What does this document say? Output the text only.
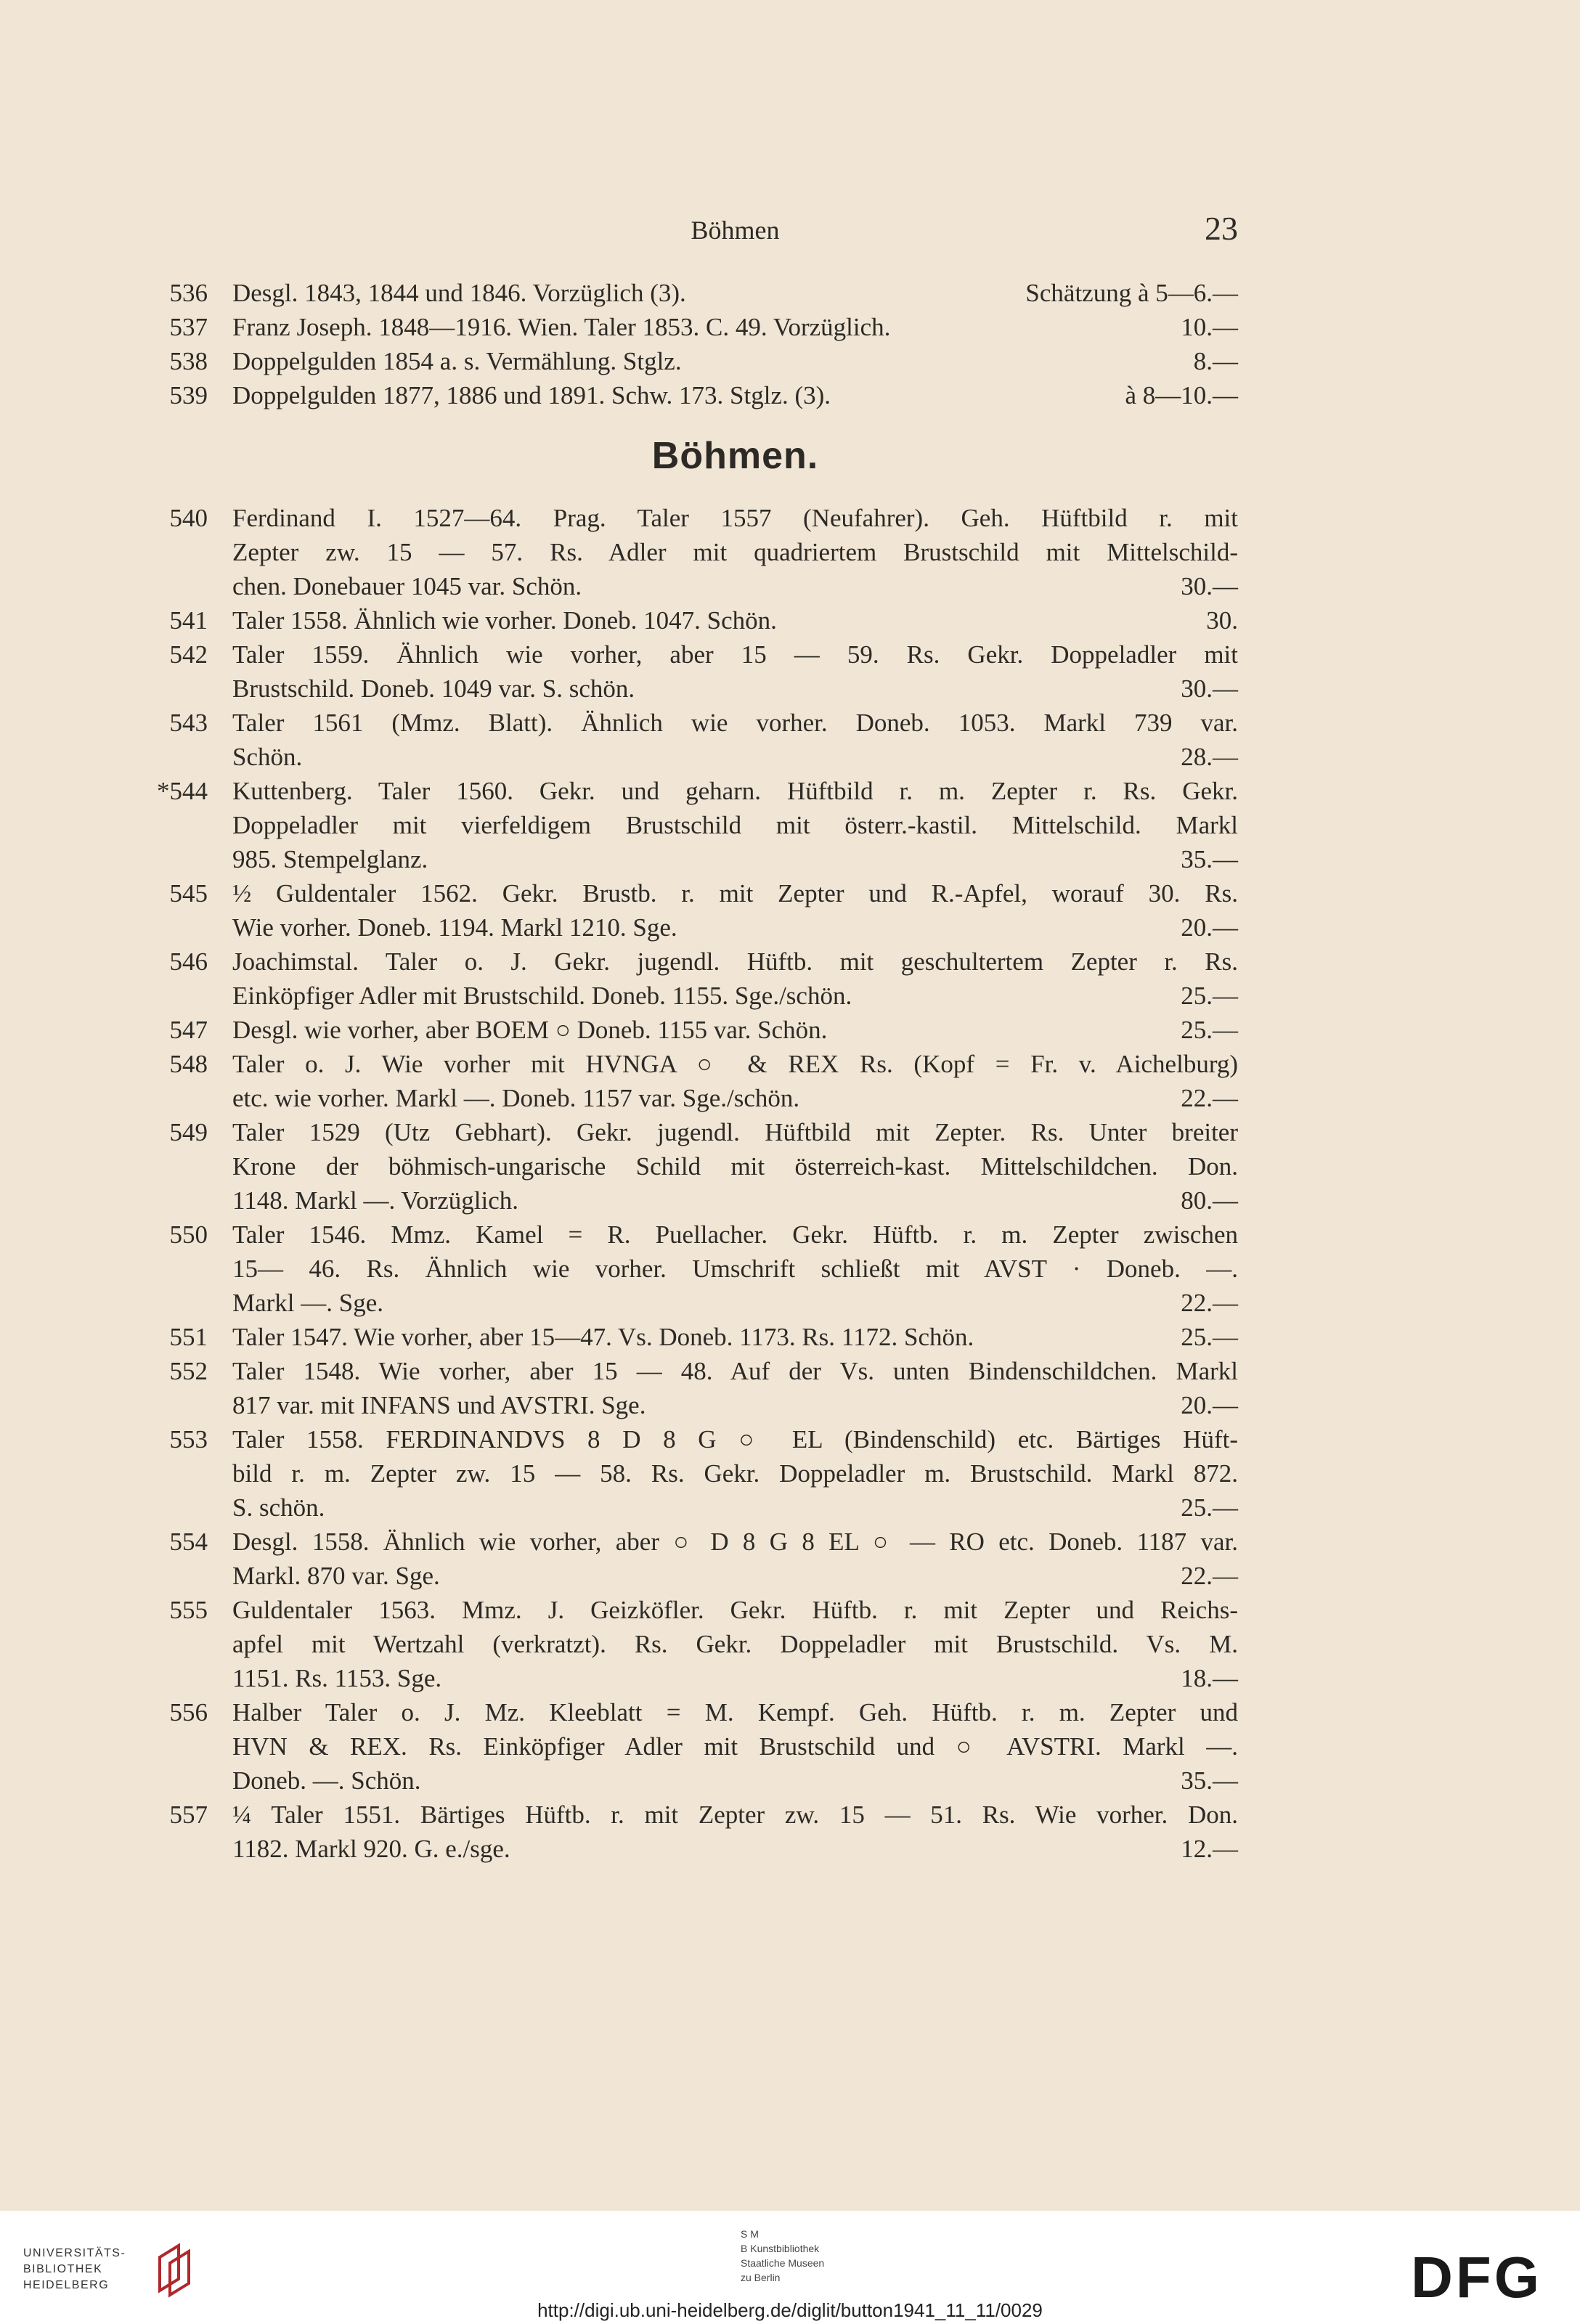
Böhmen	23
Böhmen.
536 Desgl. 1843, 1844 und 1846. Vorzüglich (3).	Schätzung à 5—6.—
537 Franz Joseph. 1848—1916. Wien. Taler 1853. C. 49. Vorzüglich.	10.—
538 Doppelgulden 1854 a. s. Vermählung. Stglz.	8.—
539 Doppelgulden 1877, 1886 und 1891. Schw. 173. Stglz. (3).	à 8—10.—
540 Ferdinand I. 1527—64. Prag. Taler 1557 (Neufahrer). Geh. Hüftbild r. mit
Zepter zw. 15 — 57. Rs. Adler mit quadriertem Brustschild mit Mittelschild-
chen. Donebauer 1045 var. Schön.	30.—
541 Taler 1558. Ähnlich wie vorher. Doneb. 1047. Schön.	30.
542 Taler 1559. Ähnlich wie vorher, aber 15 — 59. Rs. Gekr. Doppeladler mit
Brustschild. Doneb. 1049 var. S. schön.	30.—
543 Taler 1561 (Mmz. Blatt). Ähnlich wie vorher. Doneb. 1053. Markl 739 var.
Schön.	28.—
*544 Kuttenberg. Taler 1560. Gekr. und geharn. Hüftbild r. m. Zepter r. Rs. Gekr.
Doppeladler mit vierfeldigem Brustschild mit österr.-kastil. Mittelschild. Markl
985. Stempelglanz.	35.—
545 ½ Guldentaler 1562. Gekr. Brustb. r. mit Zepter und R.-Apfel, worauf 30. Rs.
Wie vorher. Doneb. 1194. Markl 1210. Sge.	20.—
546 Joachimstal. Taler o. J. Gekr. jugendl. Hüftb. mit geschultertem Zepter r. Rs.
Einköpfiger Adler mit Brustschild. Doneb. 1155. Sge./schön.	25.—
547 Desgl. wie vorher, aber BOEM ○ Doneb. 1155 var. Schön.	25.—
548 Taler o. J. Wie vorher mit HVNGA ○ & REX Rs. (Kopf = Fr. v. Aichelburg)
etc. wie vorher. Markl —. Doneb. 1157 var. Sge./schön.	22.—
549 Taler 1529 (Utz Gebhart). Gekr. jugendl. Hüftbild mit Zepter. Rs. Unter breiter
Krone der böhmisch-ungarische Schild mit österreich-kast. Mittelschildchen. Don.
1148. Markl —. Vorzüglich.	80.—
550 Taler 1546. Mmz. Kamel = R. Puellacher. Gekr. Hüftb. r. m. Zepter zwischen
15— 46. Rs. Ähnlich wie vorher. Umschrift schließt mit AVST · Doneb. —.
Markl —. Sge.	22.—
551 Taler 1547. Wie vorher, aber 15—47. Vs. Doneb. 1173. Rs. 1172. Schön.	25.—
552 Taler 1548. Wie vorher, aber 15 — 48. Auf der Vs. unten Bindenschildchen. Markl
817 var. mit INFANS und AVSTRI. Sge.	20.—
553 Taler 1558. FERDINANDVS 8 D 8 G ○ EL (Bindenschild) etc. Bärtiges Hüft-
bild r. m. Zepter zw. 15 — 58. Rs. Gekr. Doppeladler m. Brustschild. Markl 872.
S. schön.	25.—
554 Desgl. 1558. Ähnlich wie vorher, aber ○ D 8 G 8 EL ○ — RO etc. Doneb. 1187 var.
Markl. 870 var. Sge.	22.—
555 Guldentaler 1563. Mmz. J. Geizköfler. Gekr. Hüftb. r. mit Zepter und Reichs-
apfel mit Wertzahl (verkratzt). Rs. Gekr. Doppeladler mit Brustschild. Vs. M.
1151. Rs. 1153. Sge.	18.—
556 Halber Taler o. J. Mz. Kleeblatt = M. Kempf. Geh. Hüftb. r. m. Zepter und
HVN & REX. Rs. Einköpfiger Adler mit Brustschild und ○ AVSTRI. Markl —.
Doneb. —. Schön.	35.—
557 ¼ Taler 1551. Bärtiges Hüftb. r. mit Zepter zw. 15 — 51. Rs. Wie vorher. Don.
1182. Markl 920. G. e./sge.	12.—
UNIVERSITÄTS-
BIBLIOTHEK
HEIDELBERG
S M
B Kunstbibliothek
Staatliche Museen
zu Berlin	DFG
http://digi.ub.uni-heidelberg.de/diglit/button1941_11_11/0029
